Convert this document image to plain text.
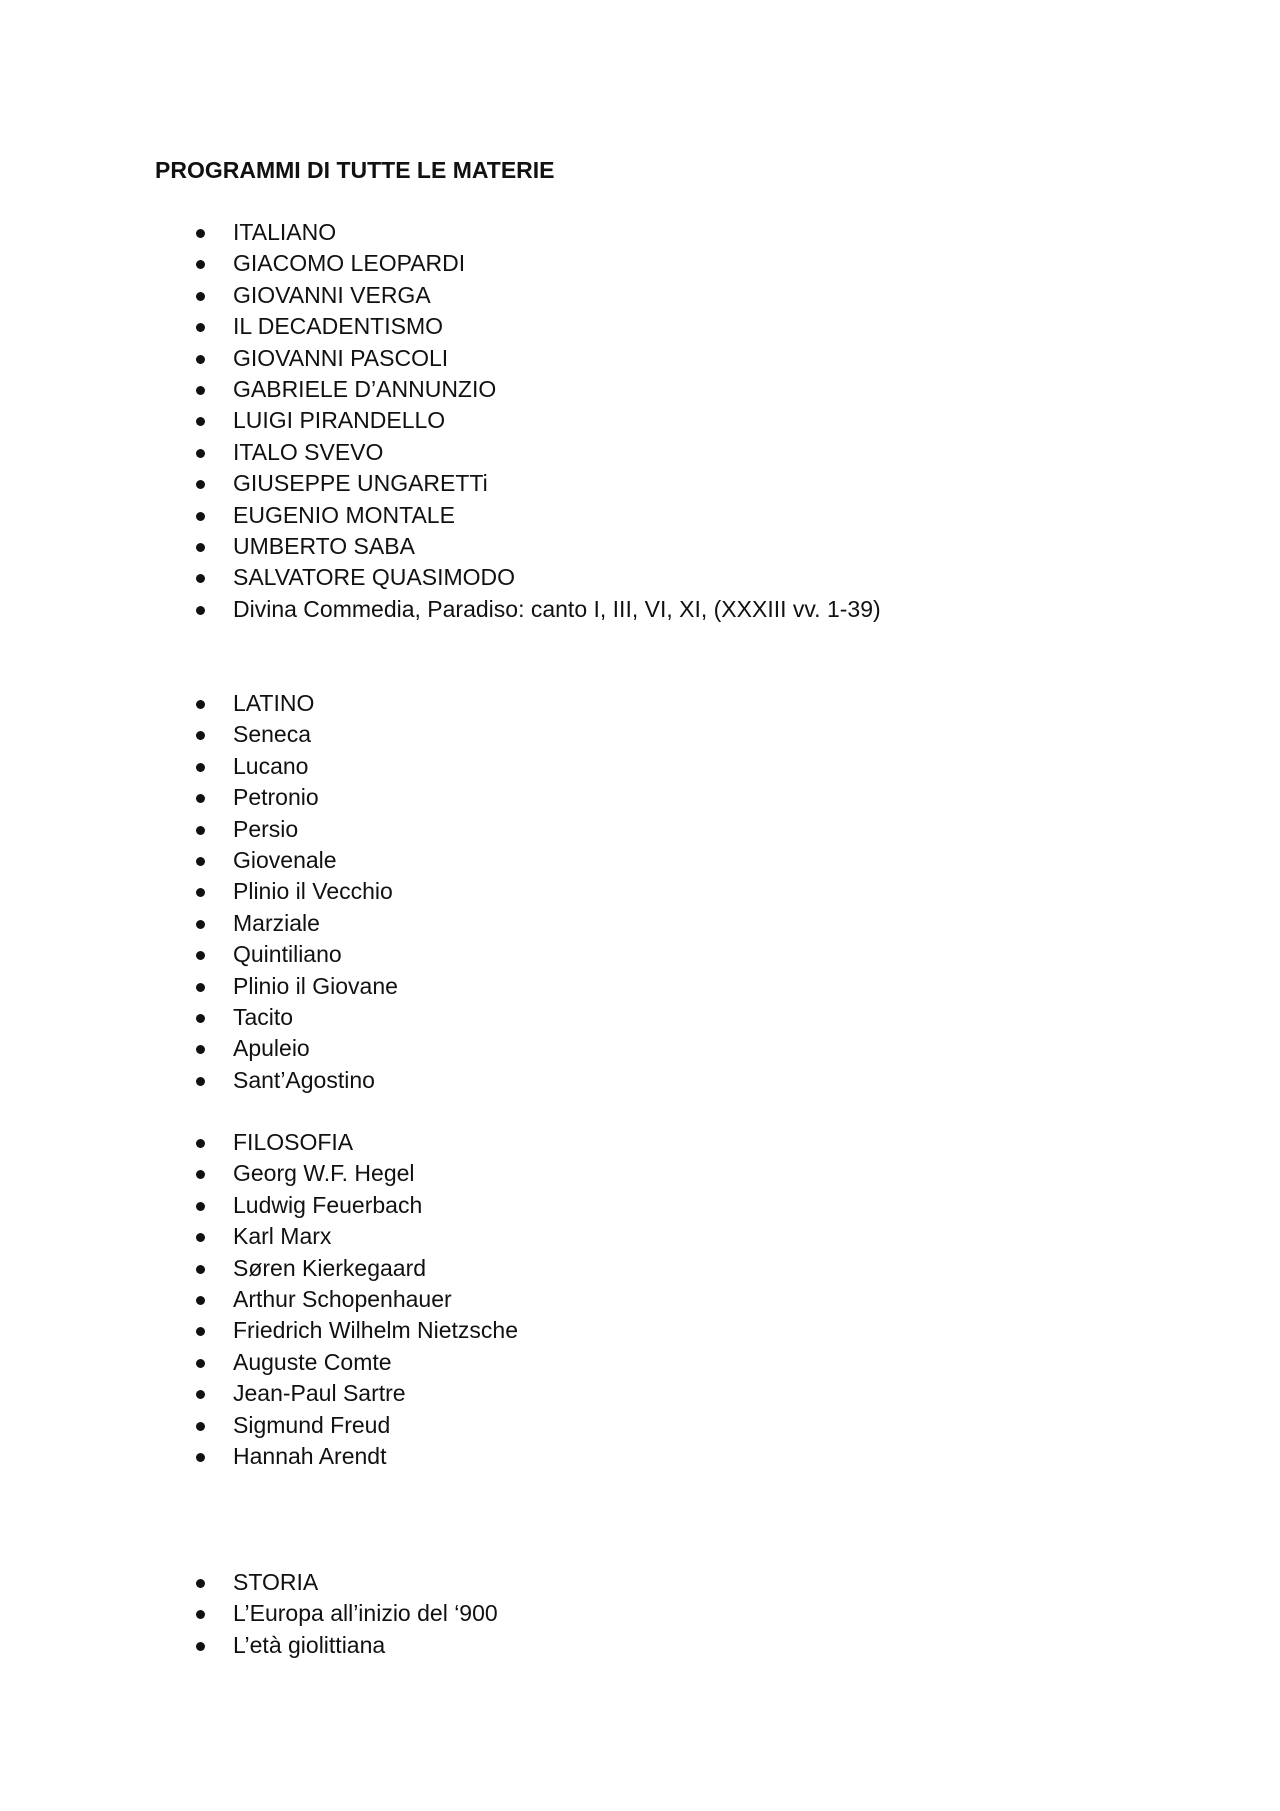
PROGRAMMI DI TUTTE LE MATERIE
ITALIANO
GIACOMO LEOPARDI
GIOVANNI VERGA
IL DECADENTISMO
GIOVANNI PASCOLI
GABRIELE D’ANNUNZIO
LUIGI PIRANDELLO
ITALO SVEVO
GIUSEPPE UNGARETTi
EUGENIO MONTALE
UMBERTO SABA
SALVATORE QUASIMODO
Divina Commedia, Paradiso: canto I, III, VI, XI, (XXXIII vv. 1-39)
LATINO
Seneca
Lucano
Petronio
Persio
Giovenale
Plinio il Vecchio
Marziale
Quintiliano
Plinio il Giovane
Tacito
Apuleio
Sant’Agostino
FILOSOFIA
Georg W.F. Hegel
Ludwig Feuerbach
Karl Marx
Søren Kierkegaard
Arthur Schopenhauer
Friedrich Wilhelm Nietzsche
Auguste Comte
Jean-Paul Sartre
Sigmund Freud
Hannah Arendt
STORIA
L’Europa all’inizio del ‘900
L’età giolittiana
